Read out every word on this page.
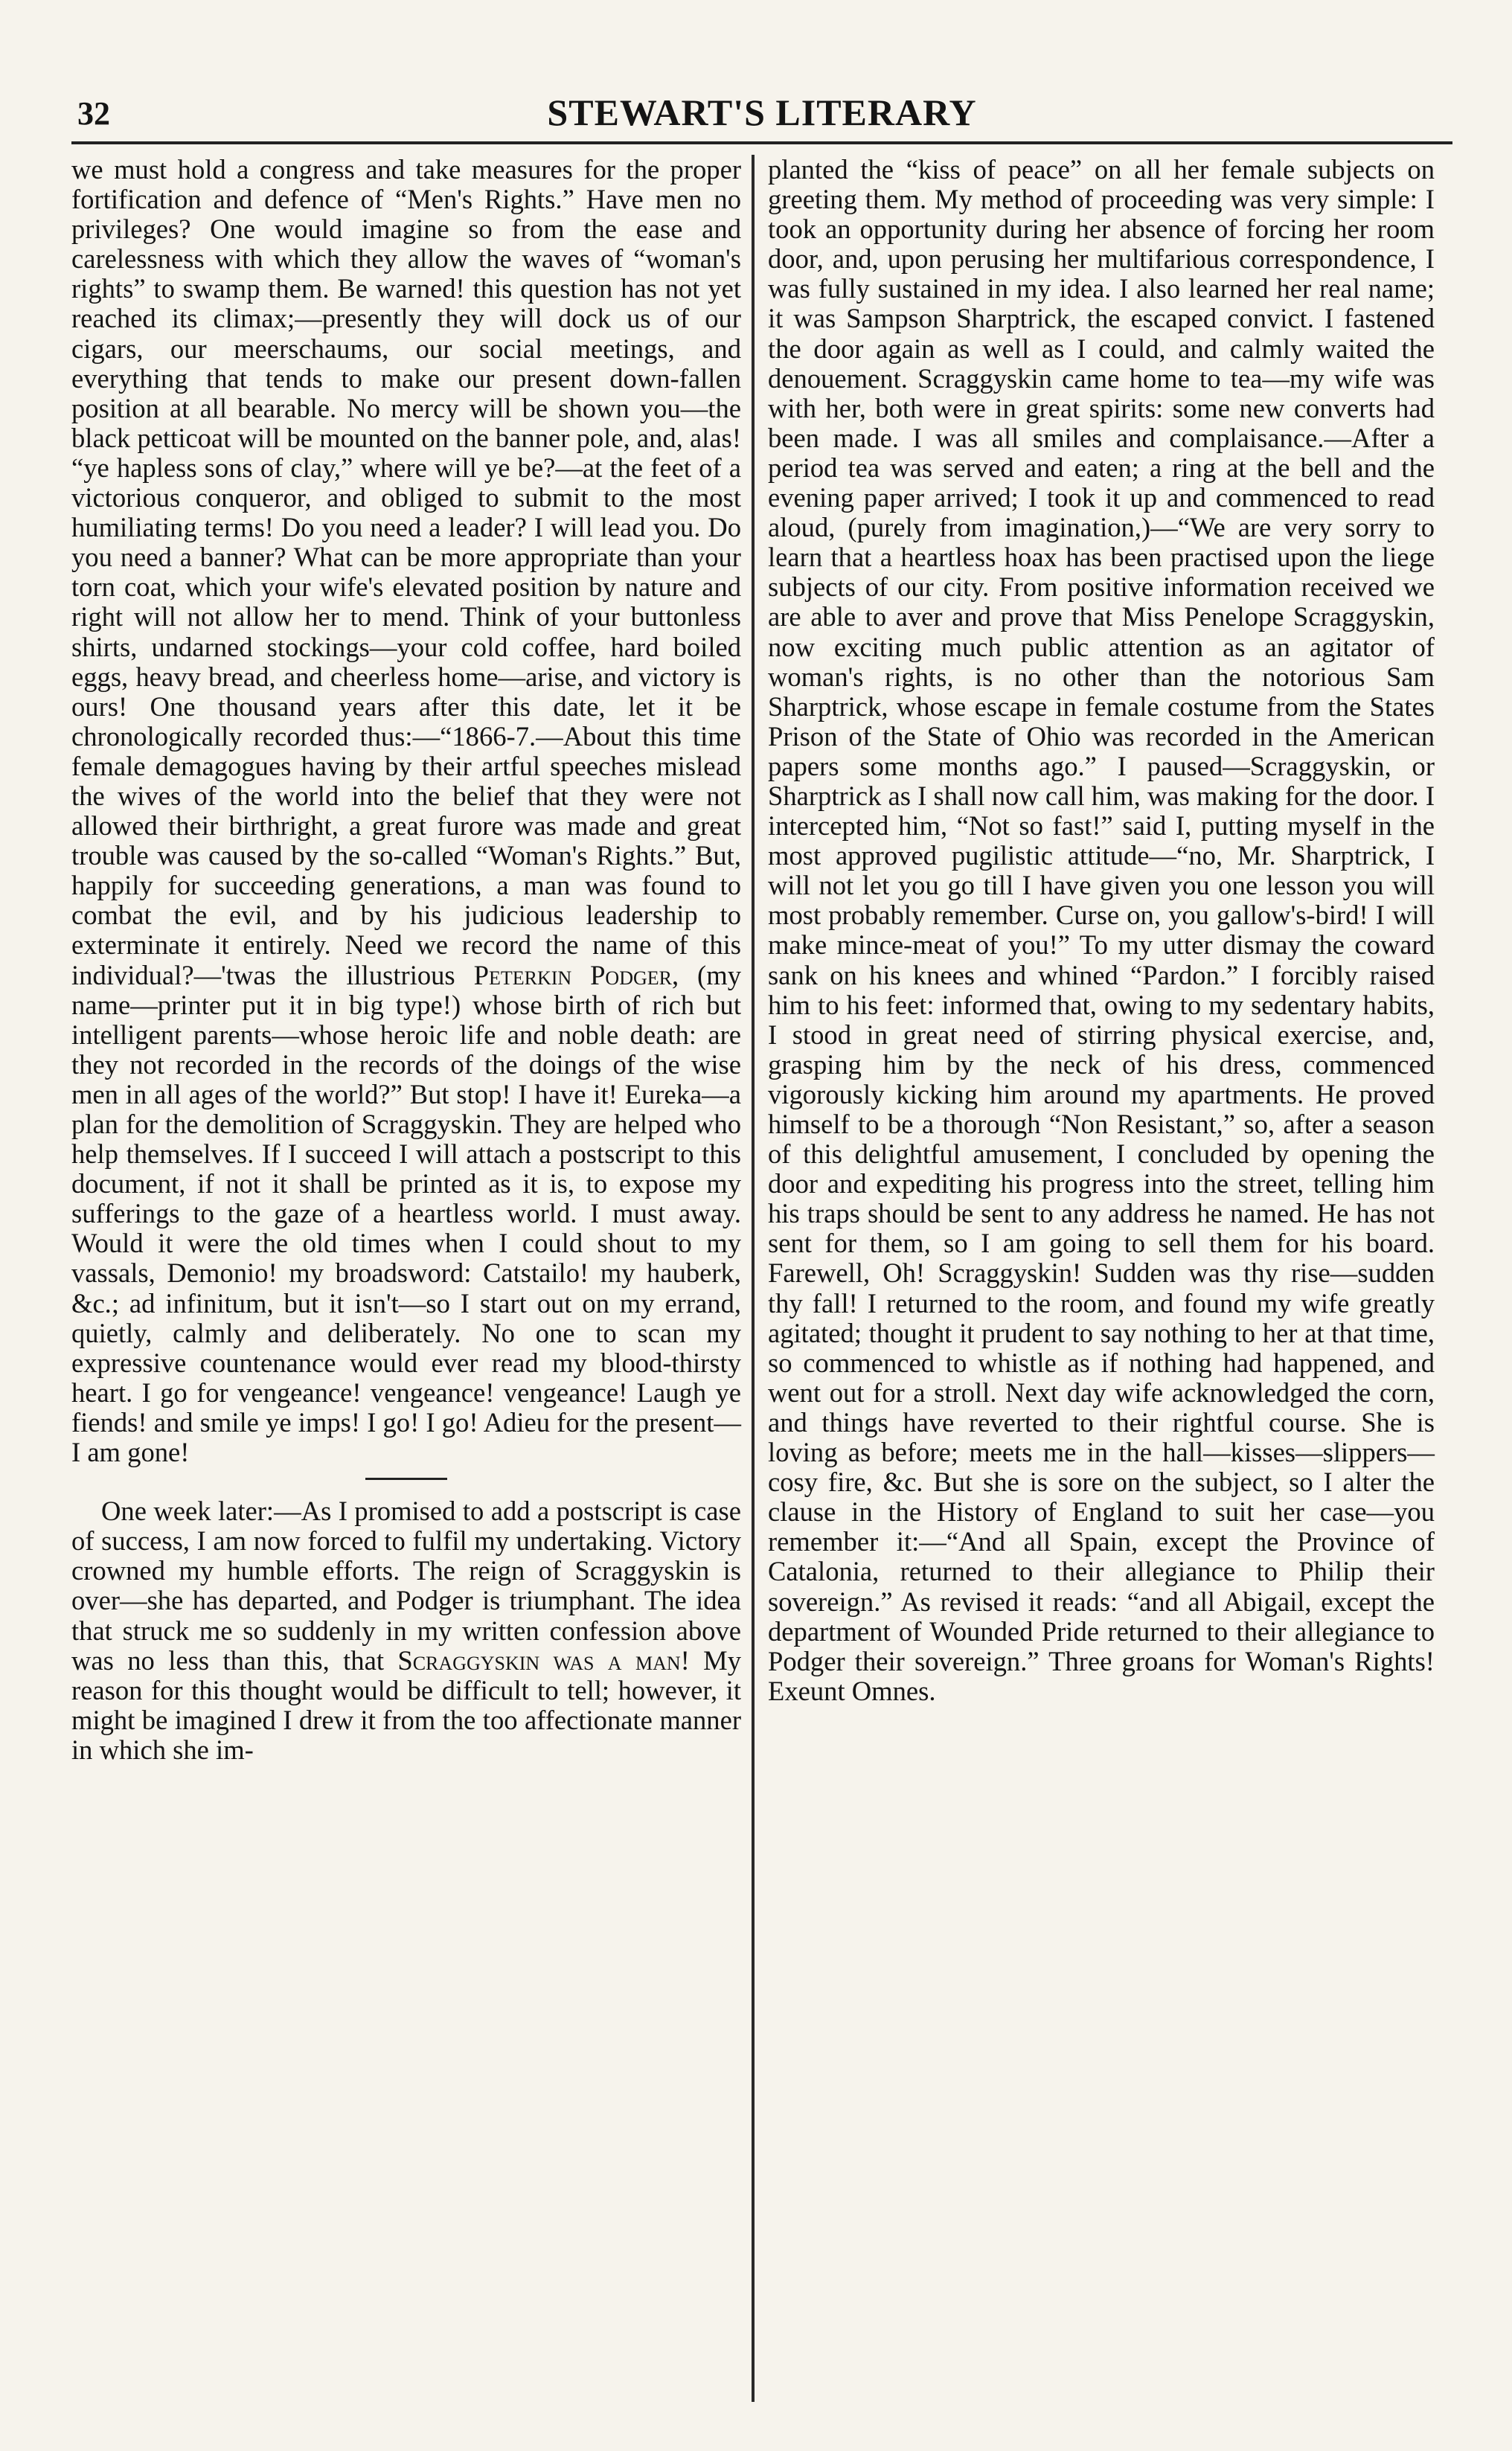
32	STEWART'S LITERARY

we must hold a congress and take measures for the proper fortification and defence of “Men's Rights.” Have men no privileges? One would imagine so from the ease and carelessness with which they allow the waves of “woman's rights” to swamp them. Be warned! this question has not yet reached its climax;—presently they will dock us of our cigars, our meerschaums, our social meetings, and everything that tends to make our present down-fallen position at all bearable. No mercy will be shown you—the black petticoat will be mounted on the banner pole, and, alas! “ye hapless sons of clay,” where will ye be?—at the feet of a victorious conqueror, and obliged to submit to the most humiliating terms! Do you need a leader? I will lead you. Do you need a banner? What can be more appropriate than your torn coat, which your wife's elevated position by nature and right will not allow her to mend. Think of your buttonless shirts, undarned stockings—your cold coffee, hard boiled eggs, heavy bread, and cheerless home—arise, and victory is ours! One thousand years after this date, let it be chronologically recorded thus:—“1866-7.—About this time female demagogues having by their artful speeches mislead the wives of the world into the belief that they were not allowed their birthright, a great furore was made and great trouble was caused by the so-called “Woman's Rights.” But, happily for succeeding generations, a man was found to combat the evil, and by his judicious leadership to exterminate it entirely. Need we record the name of this individual?—'twas the illustrious Peterkin Podger, (my name—printer put it in big type!) whose birth of rich but intelligent parents—whose heroic life and noble death: are they not recorded in the records of the doings of the wise men in all ages of the world?” But stop! I have it! Eureka—a plan for the demolition of Scraggyskin. They are helped who help themselves. If I succeed I will attach a postscript to this document, if not it shall be printed as it is, to expose my sufferings to the gaze of a heartless world. I must away. Would it were the old times when I could shout to my vassals, Demonio! my broadsword: Catstailo! my hauberk, &c.; ad infinitum, but it isn't—so I start out on my errand, quietly, calmly and deliberately. No one to scan my expressive countenance would ever read my blood-thirsty heart. I go for vengeance! vengeance! vengeance! Laugh ye fiends! and smile ye imps! I go! I go! Adieu for the present—I am gone!

One week later:—As I promised to add a postscript is case of success, I am now forced to fulfil my undertaking. Victory crowned my humble efforts. The reign of Scraggyskin is over—she has departed, and Podger is triumphant. The idea that struck me so suddenly in my written confession above was no less than this, that Scraggyskin was a man! My reason for this thought would be difficult to tell; however, it might be imagined I drew it from the too affectionate manner in which she im-

planted the “kiss of peace” on all her female subjects on greeting them. My method of proceeding was very simple: I took an opportunity during her absence of forcing her room door, and, upon perusing her multifarious correspondence, I was fully sustained in my idea. I also learned her real name; it was Sampson Sharptrick, the escaped convict. I fastened the door again as well as I could, and calmly waited the denouement. Scraggyskin came home to tea—my wife was with her, both were in great spirits: some new converts had been made. I was all smiles and complaisance.—After a period tea was served and eaten; a ring at the bell and the evening paper arrived; I took it up and commenced to read aloud, (purely from imagination,)—“We are very sorry to learn that a heartless hoax has been practised upon the liege subjects of our city. From positive information received we are able to aver and prove that Miss Penelope Scraggyskin, now exciting much public attention as an agitator of woman's rights, is no other than the notorious Sam Sharptrick, whose escape in female costume from the States Prison of the State of Ohio was recorded in the American papers some months ago.” I paused—Scraggyskin, or Sharptrick as I shall now call him, was making for the door. I intercepted him, “Not so fast!” said I, putting myself in the most approved pugilistic attitude—“no, Mr. Sharptrick, I will not let you go till I have given you one lesson you will most probably remember. Curse on, you gallow's-bird! I will make mince-meat of you!” To my utter dismay the coward sank on his knees and whined “Pardon.” I forcibly raised him to his feet: informed that, owing to my sedentary habits, I stood in great need of stirring physical exercise, and, grasping him by the neck of his dress, commenced vigorously kicking him around my apartments. He proved himself to be a thorough “Non Resistant,” so, after a season of this delightful amusement, I concluded by opening the door and expediting his progress into the street, telling him his traps should be sent to any address he named. He has not sent for them, so I am going to sell them for his board. Farewell, Oh! Scraggyskin! Sudden was thy rise—sudden thy fall! I returned to the room, and found my wife greatly agitated; thought it prudent to say nothing to her at that time, so commenced to whistle as if nothing had happened, and went out for a stroll. Next day wife acknowledged the corn, and things have reverted to their rightful course. She is loving as before; meets me in the hall—kisses—slippers—cosy fire, &c. But she is sore on the subject, so I alter the clause in the History of England to suit her case—you remember it:—“And all Spain, except the Province of Catalonia, returned to their allegiance to Philip their sovereign.” As revised it reads: “and all Abigail, except the department of Wounded Pride returned to their allegiance to Podger their sovereign.” Three groans for Woman's Rights! Exeunt Omnes.
